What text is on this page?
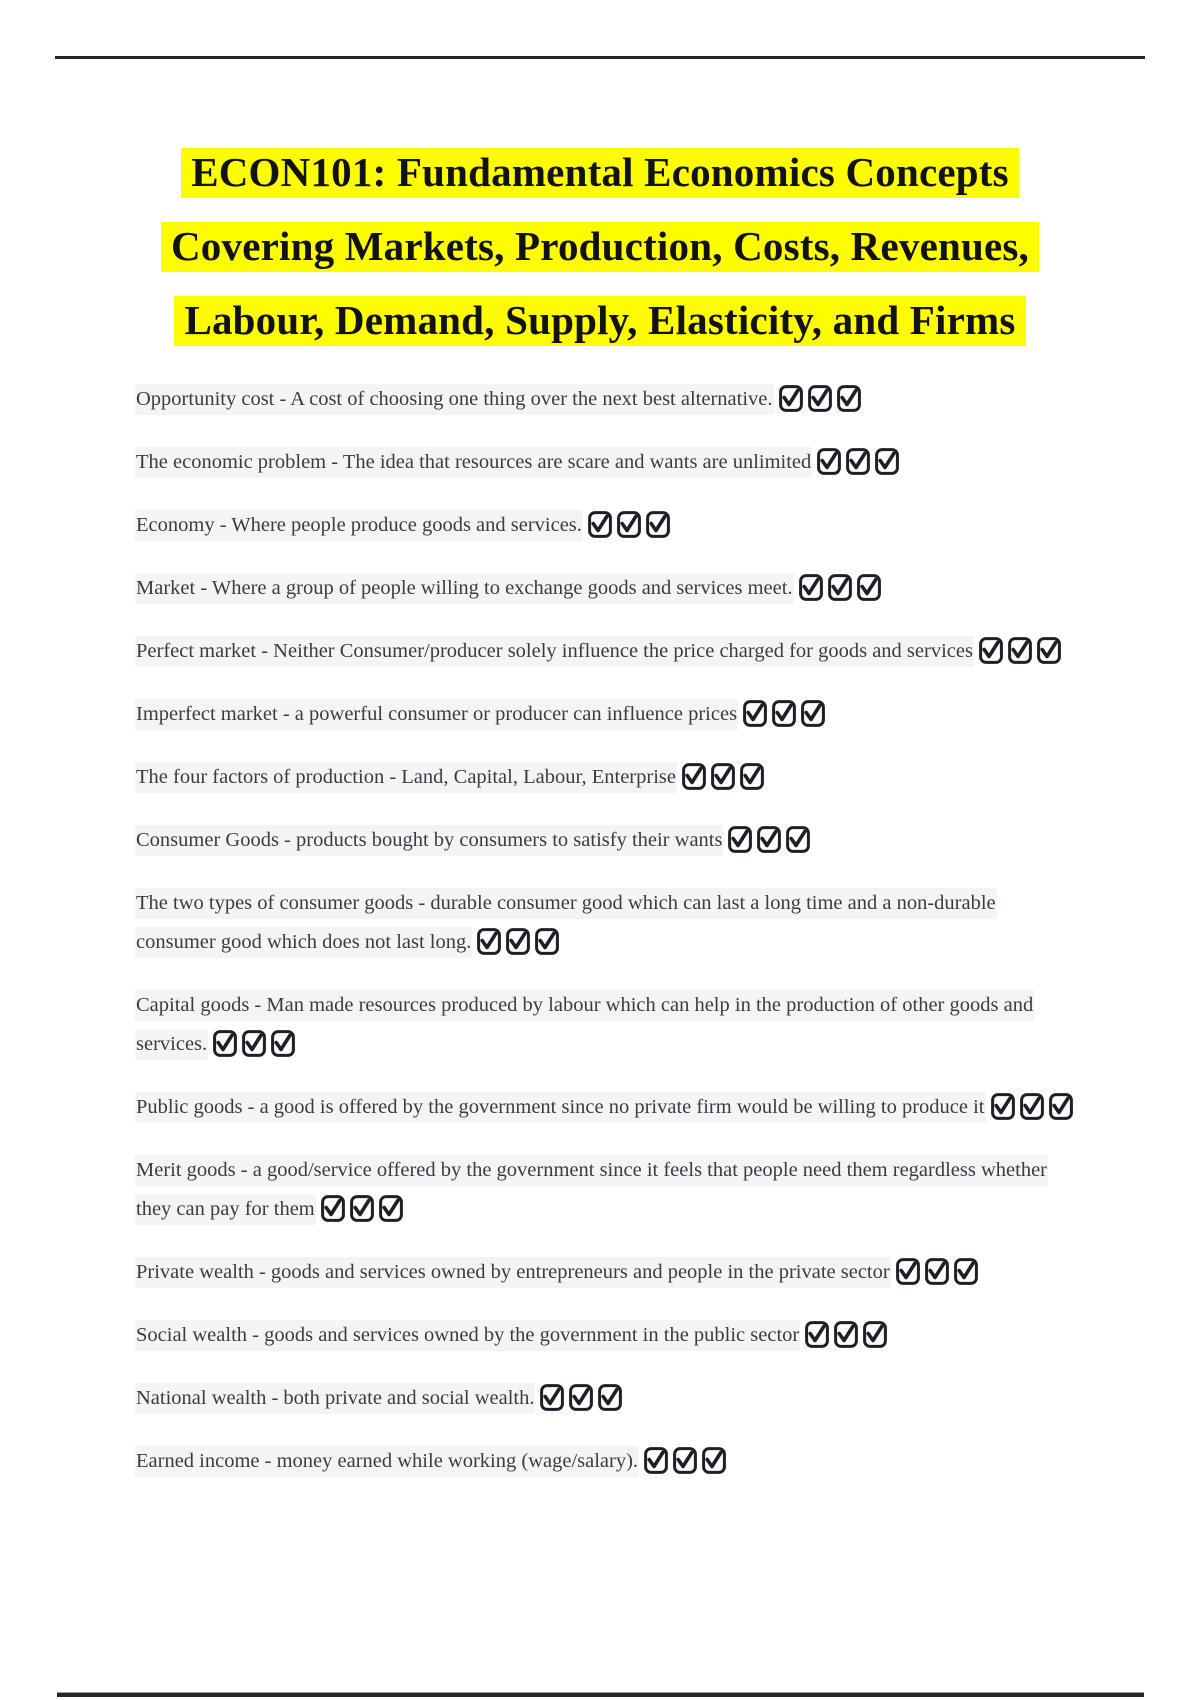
ECON101: Fundamental Economics Concepts
Covering Markets, Production, Costs, Revenues,
Labour, Demand, Supply, Elasticity, and Firms

Opportunity cost - A cost of choosing one thing over the next best alternative.

The economic problem - The idea that resources are scare and wants are unlimited

Economy - Where people produce goods and services.

Market - Where a group of people willing to exchange goods and services meet.

Perfect market - Neither Consumer/producer solely influence the price charged for goods and services

Imperfect market - a powerful consumer or producer can influence prices

The four factors of production - Land, Capital, Labour, Enterprise

Consumer Goods - products bought by consumers to satisfy their wants

The two types of consumer goods - durable consumer good which can last a long time and a non-durable consumer good which does not last long.

Capital goods - Man made resources produced by labour which can help in the production of other goods and services.

Public goods - a good is offered by the government since no private firm would be willing to produce it

Merit goods - a good/service offered by the government since it feels that people need them regardless whether they can pay for them

Private wealth - goods and services owned by entrepreneurs and people in the private sector

Social wealth - goods and services owned by the government in the public sector

National wealth - both private and social wealth.

Earned income - money earned while working (wage/salary).
